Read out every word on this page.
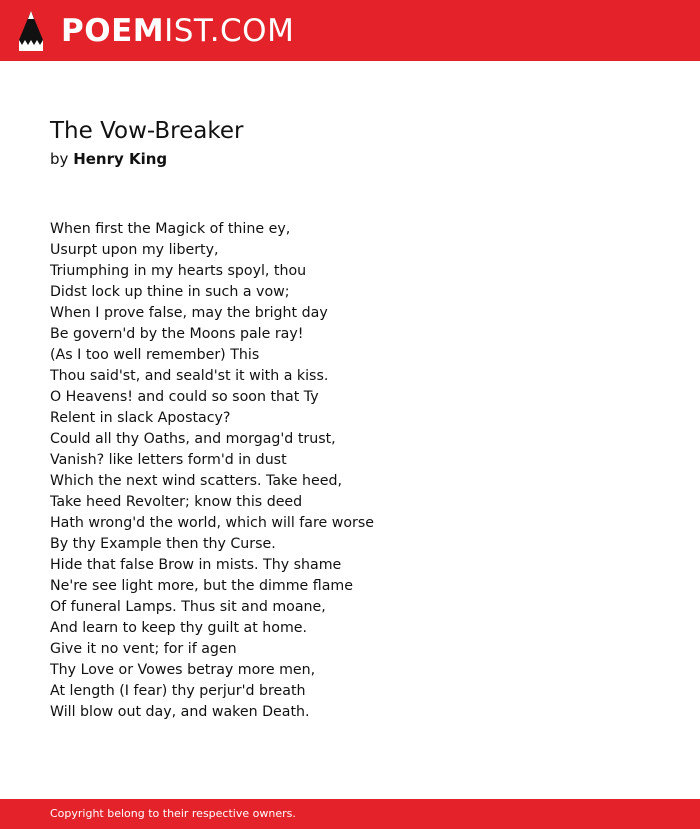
POEMIST.COM
The Vow-Breaker
by Henry King
When first the Magick of thine ey,
Usurpt upon my liberty,
Triumphing in my hearts spoyl, thou
Didst lock up thine in such a vow;
When I prove false, may the bright day
Be govern'd by the Moons pale ray!
(As I too well remember) This
Thou said'st, and seald'st it with a kiss.
O Heavens! and could so soon that Ty
Relent in slack Apostacy?
Could all thy Oaths, and morgag'd trust,
Vanish? like letters form'd in dust
Which the next wind scatters. Take heed,
Take heed Revolter; know this deed
Hath wrong'd the world, which will fare worse
By thy Example then thy Curse.
Hide that false Brow in mists. Thy shame
Ne're see light more, but the dimme flame
Of funeral Lamps. Thus sit and moane,
And learn to keep thy guilt at home.
Give it no vent; for if agen
Thy Love or Vowes betray more men,
At length (I fear) thy perjur'd breath
Will blow out day, and waken Death.
Copyright belong to their respective owners.
